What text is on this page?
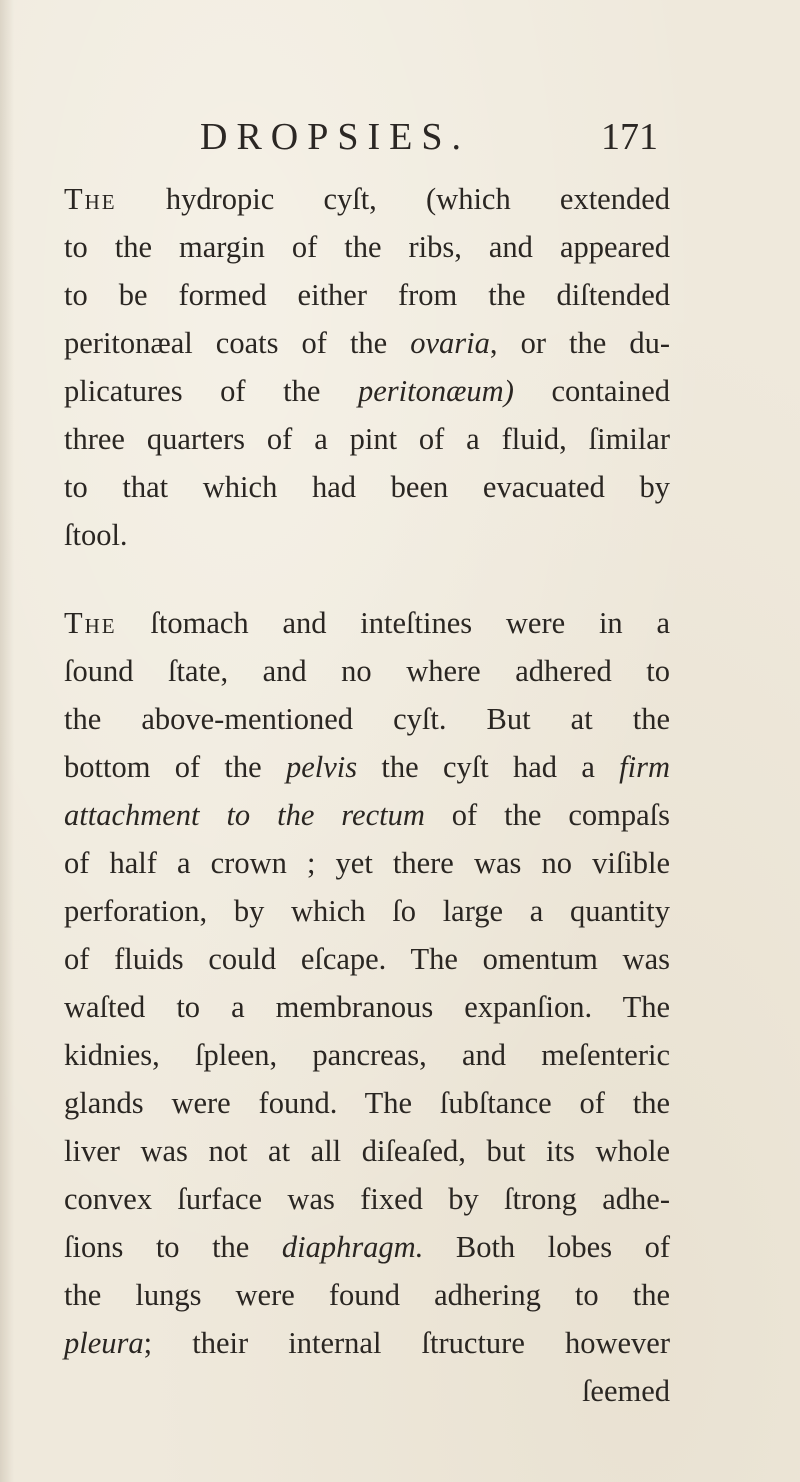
DROPSIES.	171

The hydropic cyſt, (which extended
to the margin of the ribs, and appeared
to be formed either from the diſtended
peritonæal coats of the ovaria, or the du-
plicatures of the peritonæum) contained
three quarters of a pint of a fluid, ſimilar
to that which had been evacuated by
ſtool.

The ſtomach and inteſtines were in a
ſound ſtate, and no where adhered to
the above-mentioned cyſt. But at the
bottom of the pelvis the cyſt had a firm
attachment to the rectum of the compaſs
of half a crown ; yet there was no viſible
perforation, by which ſo large a quantity
of fluids could eſcape. The omentum was
waſted to a membranous expanſion. The
kidnies, ſpleen, pancreas, and meſenteric
glands were found. The ſubſtance of the
liver was not at all diſeaſed, but its whole
convex ſurface was fixed by ſtrong adhe-
ſions to the diaphragm. Both lobes of
the lungs were found adhering to the
pleura; their internal ſtructure however
ſeemed
